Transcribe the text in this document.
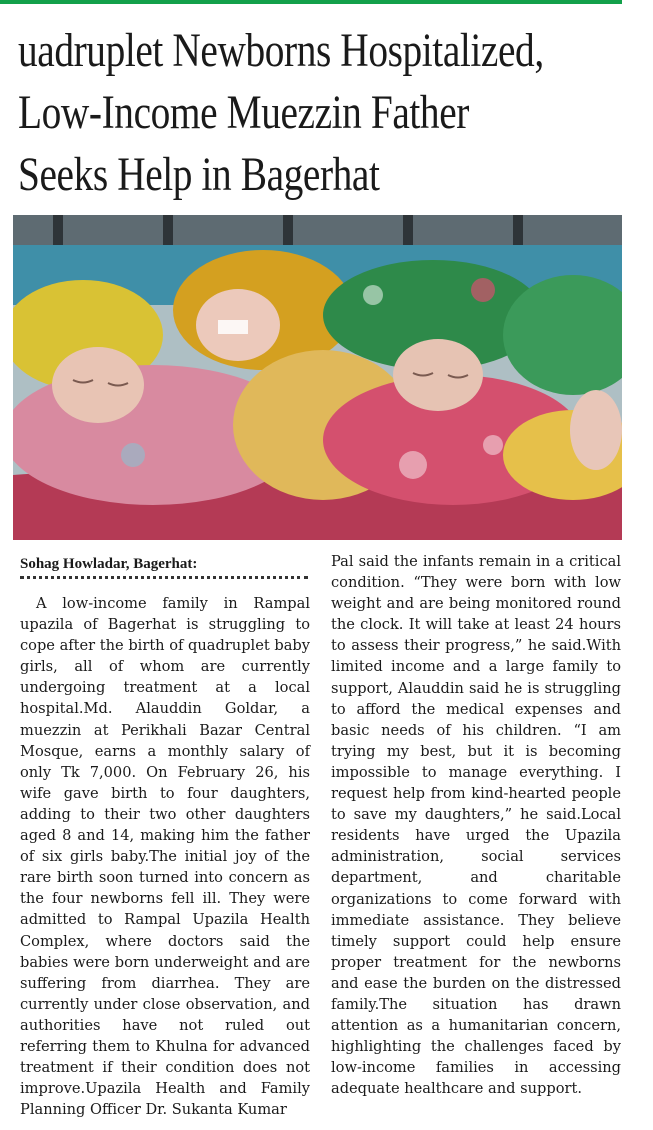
uadruplet Newborns Hospitalized,
Low-Income Muezzin Father
Seeks Help in Bagerhat

Sohag Howladar, Bagerhat:

A low-income family in Rampal upazila of Bagerhat is struggling to cope after the birth of quadruplet baby girls, all of whom are currently undergoing treatment at a local hospital.Md. Alauddin Goldar, a muezzin at Perikhali Bazar Central Mosque, earns a monthly salary of only Tk 7,000. On February 26, his wife gave birth to four daughters, adding to their two other daughters aged 8 and 14, making him the father of six girls baby.The initial joy of the rare birth soon turned into concern as the four newborns fell ill. They were admitted to Rampal Upazila Health Complex, where doctors said the babies were born underweight and are suffering from diarrhea. They are currently under close observation, and authorities have not ruled out referring them to Khulna for advanced treatment if their condition does not improve.Upazila Health and Family Planning Officer Dr. Sukanta Kumar

Pal said the infants remain in a critical condition. “They were born with low weight and are being monitored round the clock. It will take at least 24 hours to assess their progress,” he said.With limited income and a large family to support, Alauddin said he is struggling to afford the medical expenses and basic needs of his children. “I am trying my best, but it is becoming impossible to manage everything. I request help from kind-hearted people to save my daughters,” he said.Local residents have urged the Upazila administration, social services department, and charitable organizations to come forward with immediate assistance. They believe timely support could help ensure proper treatment for the newborns and ease the burden on the distressed family.The situation has drawn attention as a humanitarian concern, highlighting the challenges faced by low-income families in accessing adequate healthcare and support.
